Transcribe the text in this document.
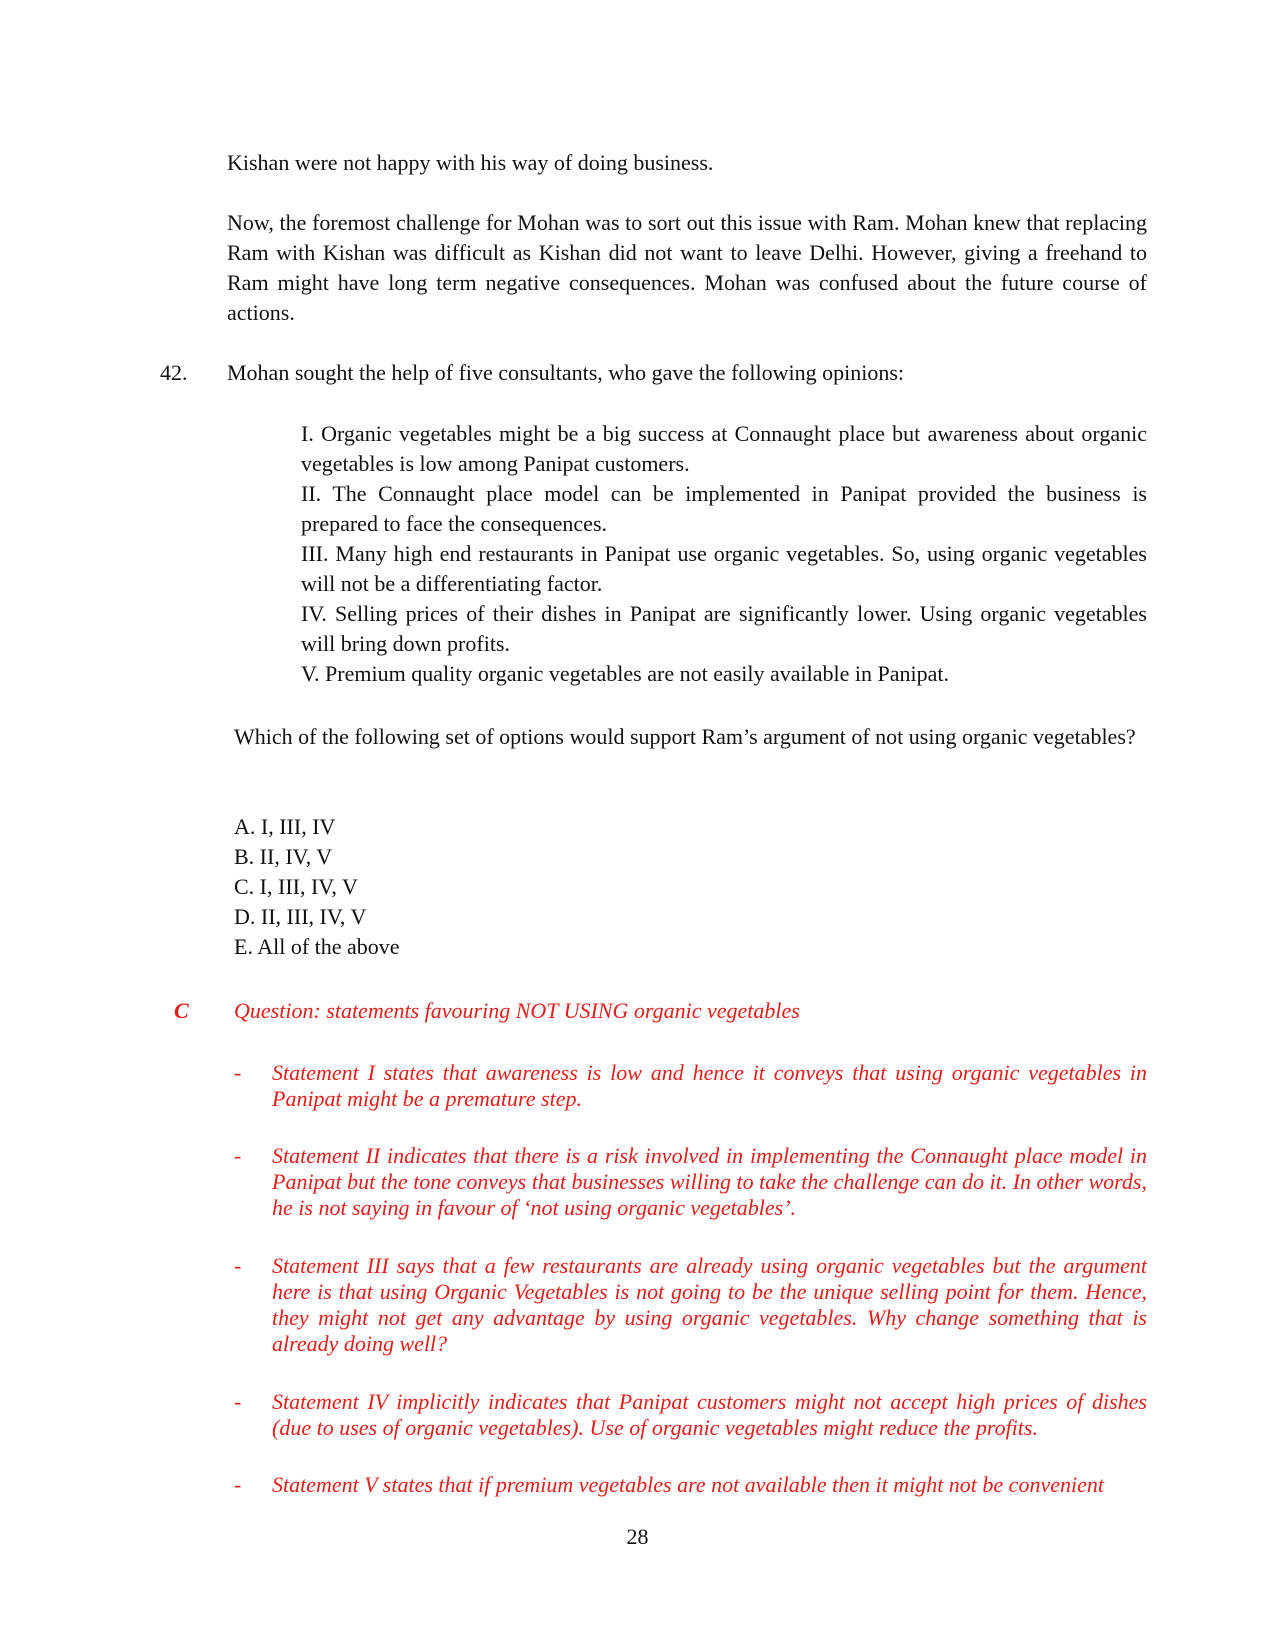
Kishan were not happy with his way of doing business.
Now, the foremost challenge for Mohan was to sort out this issue with Ram. Mohan knew that replacing Ram with Kishan was difficult as Kishan did not want to leave Delhi. However, giving a freehand to Ram might have long term negative consequences. Mohan was confused about the future course of actions.
42. Mohan sought the help of five consultants, who gave the following opinions:

I. Organic vegetables might be a big success at Connaught place but awareness about organic vegetables is low among Panipat customers.

II. The Connaught place model can be implemented in Panipat provided the business is prepared to face the consequences.

III. Many high end restaurants in Panipat use organic vegetables. So, using organic vegetables will not be a differentiating factor.

IV. Selling prices of their dishes in Panipat are significantly lower. Using organic vegetables will bring down profits.

V. Premium quality organic vegetables are not easily available in Panipat.

Which of the following set of options would support Ram’s argument of not using organic vegetables?

A. I, III, IV

B. II, IV, V

C. I, III, IV, V

D. II, III, IV, V

E. All of the above

C Question: statements favouring NOT USING organic vegetables
- Statement I states that awareness is low and hence it conveys that using organic vegetables in Panipat might be a premature step.
- Statement II indicates that there is a risk involved in implementing the Connaught place model in Panipat but the tone conveys that businesses willing to take the challenge can do it. In other words, he is not saying in favour of ‘not using organic vegetables’.
- Statement III says that a few restaurants are already using organic vegetables but the argument here is that using Organic Vegetables is not going to be the unique selling point for them. Hence, they might not get any advantage by using organic vegetables. Why change something that is already doing well?
- Statement IV implicitly indicates that Panipat customers might not accept high prices of dishes (due to uses of organic vegetables). Use of organic vegetables might reduce the profits.
- Statement V states that if premium vegetables are not available then it might not be convenient
28
